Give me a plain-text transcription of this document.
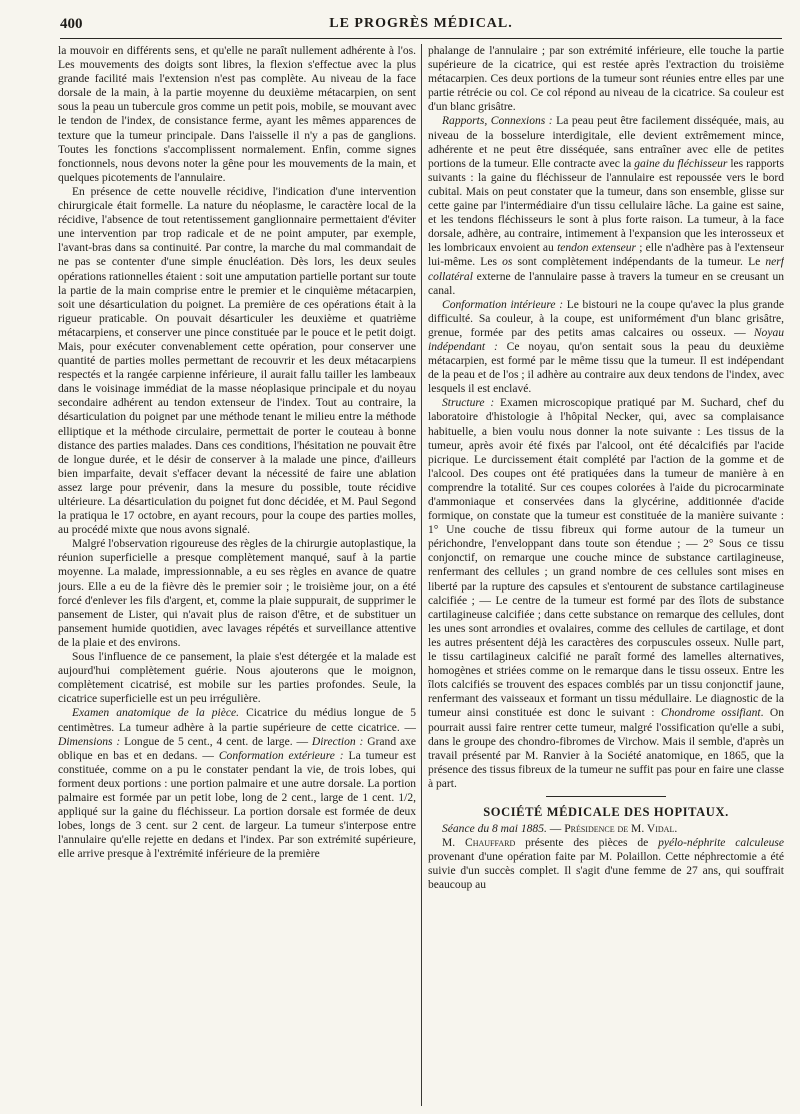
400	LE PROGRÈS MÉDICAL.

la mouvoir en différents sens, et qu'elle ne paraît nullement adhérente à l'os. Les mouvements des doigts sont libres, la flexion s'effectue avec la plus grande facilité mais l'extension n'est pas complète. Au niveau de la face dorsale de la main, à la partie moyenne du deuxième métacarpien, on sent sous la peau un tubercule gros comme un petit pois, mobile, se mouvant avec le tendon de l'index, de consistance ferme, ayant les mêmes apparences de texture que la tumeur principale. Dans l'aisselle il n'y a pas de ganglions. Toutes les fonctions s'accomplissent normalement. Enfin, comme signes fonctionnels, nous devons noter la gêne pour les mouvements de la main, et quelques picotements de l'annulaire.

En présence de cette nouvelle récidive, l'indication d'une intervention chirurgicale était formelle. La nature du néoplasme, le caractère local de la récidive, l'absence de tout retentissement ganglionnaire permettaient d'éviter une intervention par trop radicale et de ne point amputer, par exemple, l'avant-bras dans sa continuité. Par contre, la marche du mal commandait de ne pas se contenter d'une simple énucléation. Dès lors, les deux seules opérations rationnelles étaient : soit une amputation partielle portant sur toute la partie de la main comprise entre le premier et le cinquième métacarpien, soit une désarticulation du poignet. La première de ces opérations était à la rigueur praticable. On pouvait désarticuler les deuxième et quatrième métacarpiens, et conserver une pince constituée par le pouce et le petit doigt. Mais, pour exécuter convenablement cette opération, pour conserver une quantité de parties molles permettant de recouvrir et les deux métacarpiens respectés et la rangée carpienne inférieure, il aurait fallu tailler les lambeaux dans le voisinage immédiat de la masse néoplasique principale et du noyau secondaire adhérent au tendon extenseur de l'index. Tout au contraire, la désarticulation du poignet par une méthode tenant le milieu entre la méthode elliptique et la méthode circulaire, permettait de porter le couteau à bonne distance des parties malades. Dans ces conditions, l'hésitation ne pouvait être de longue durée, et le désir de conserver à la malade une pince, d'ailleurs bien imparfaite, devait s'effacer devant la nécessité de faire une ablation assez large pour prévenir, dans la mesure du possible, toute récidive ultérieure. La désarticulation du poignet fut donc décidée, et M. Paul Segond la pratiqua le 17 octobre, en ayant recours, pour la coupe des parties molles, au procédé mixte que nous avons signalé.

Malgré l'observation rigoureuse des règles de la chirurgie autoplastique, la réunion superficielle a presque complètement manqué, sauf à la partie moyenne. La malade, impressionnable, a eu ses règles en avance de quatre jours. Elle a eu de la fièvre dès le premier soir ; le troisième jour, on a été forcé d'enlever les fils d'argent, et, comme la plaie suppurait, de supprimer le pansement de Lister, qui n'avait plus de raison d'être, et de substituer un pansement humide quotidien, avec lavages répétés et surveillance attentive de la plaie et des environs.

Sous l'influence de ce pansement, la plaie s'est détergée et la malade est aujourd'hui complètement guérie. Nous ajouterons que le moignon, complètement cicatrisé, est mobile sur les parties profondes. Seule, la cicatrice superficielle est un peu irrégulière.

Examen anatomique de la pièce. Cicatrice du médius longue de 5 centimètres. La tumeur adhère à la partie supérieure de cette cicatrice. — Dimensions : Longue de 5 cent., 4 cent. de large. — Direction : Grand axe oblique en bas et en dedans. — Conformation extérieure : La tumeur est constituée, comme on a pu le constater pendant la vie, de trois lobes, qui forment deux portions : une portion palmaire et une autre dorsale. La portion palmaire est formée par un petit lobe, long de 2 cent., large de 1 cent. 1/2, appliqué sur la gaine du fléchisseur. La portion dorsale est formée de deux lobes, longs de 3 cent. sur 2 cent. de largeur. La tumeur s'interpose entre l'annulaire qu'elle rejette en dedans et l'index. Par son extrémité supérieure, elle arrive presque à l'extrémité inférieure de la première

phalange de l'annulaire ; par son extrémité inférieure, elle touche la partie supérieure de la cicatrice, qui est restée après l'extraction du troisième métacarpien. Ces deux portions de la tumeur sont réunies entre elles par une partie rétrécie ou col. Ce col répond au niveau de la cicatrice. Sa couleur est d'un blanc grisâtre.

Rapports, Connexions : La peau peut être facilement disséquée, mais, au niveau de la bosselure interdigitale, elle devient extrêmement mince, adhérente et ne peut être disséquée, sans entraîner avec elle de petites portions de la tumeur. Elle contracte avec la gaine du fléchisseur les rapports suivants : la gaine du fléchisseur de l'annulaire est repoussée vers le bord cubital. Mais on peut constater que la tumeur, dans son ensemble, glisse sur cette gaine par l'intermédiaire d'un tissu cellulaire lâche. La gaine est saine, et les tendons fléchisseurs le sont à plus forte raison. La tumeur, à la face dorsale, adhère, au contraire, intimement à l'expansion que les interosseux et les lombricaux envoient au tendon extenseur ; elle n'adhère pas à l'extenseur lui-même. Les os sont complètement indépendants de la tumeur. Le nerf collatéral externe de l'annulaire passe à travers la tumeur en se creusant un canal.

Conformation intérieure : Le bistouri ne la coupe qu'avec la plus grande difficulté. Sa couleur, à la coupe, est uniformément d'un blanc grisâtre, grenue, formée par des petits amas calcaires ou osseux. — Noyau indépendant : Ce noyau, qu'on sentait sous la peau du deuxième métacarpien, est formé par le même tissu que la tumeur. Il est indépendant de la peau et de l'os ; il adhère au contraire aux deux tendons de l'index, avec lesquels il est enclavé.

Structure : Examen microscopique pratiqué par M. Suchard, chef du laboratoire d'histologie à l'hôpital Necker, qui, avec sa complaisance habituelle, a bien voulu nous donner la note suivante : Les tissus de la tumeur, après avoir été fixés par l'alcool, ont été décalcifiés par l'acide picrique. Le durcissement était complété par l'action de la gomme et de l'alcool. Des coupes ont été pratiquées dans la tumeur de manière à en comprendre la totalité. Sur ces coupes colorées à l'aide du picrocarminate d'ammoniaque et conservées dans la glycérine, additionnée d'acide formique, on constate que la tumeur est constituée de la manière suivante : 1° Une couche de tissu fibreux qui forme autour de la tumeur un périchondre, l'enveloppant dans toute son étendue ; — 2° Sous ce tissu conjonctif, on remarque une couche mince de substance cartilagineuse, renfermant des cellules ; un grand nombre de ces cellules sont mises en liberté par la rupture des capsules et s'entourent de substance cartilagineuse calcifiée ; — Le centre de la tumeur est formé par des îlots de substance cartilagineuse calcifiée ; dans cette substance on remarque des cellules, dont les unes sont arrondies et ovalaires, comme des cellules de cartilage, et dont les autres présentent déjà les caractères des corpuscules osseux. Nulle part, le tissu cartilagineux calcifié ne paraît formé des lamelles alternatives, homogènes et striées comme on le remarque dans le tissu osseux. Entre les îlots calcifiés se trouvent des espaces comblés par un tissu conjonctif jaune, renfermant des vaisseaux et formant un tissu médullaire. Le diagnostic de la tumeur ainsi constituée est donc le suivant : Chondrome ossifiant. On pourrait aussi faire rentrer cette tumeur, malgré l'ossification qu'elle a subi, dans le groupe des chondro-fibromes de Virchow. Mais il semble, d'après un travail présenté par M. Ranvier à la Société anatomique, en 1865, que la présence des tissus fibreux de la tumeur ne suffit pas pour en faire une classe à part.

SOCIÉTÉ MÉDICALE DES HOPITAUX.

Séance du 8 mai 1885. — Présidence de M. Vidal.

M. Chauffard présente des pièces de pyélo-néphrite calculeuse provenant d'une opération faite par M. Polaillon. Cette néphrectomie a été suivie d'un succès complet. Il s'agit d'une femme de 27 ans, qui souffrait beaucoup au
